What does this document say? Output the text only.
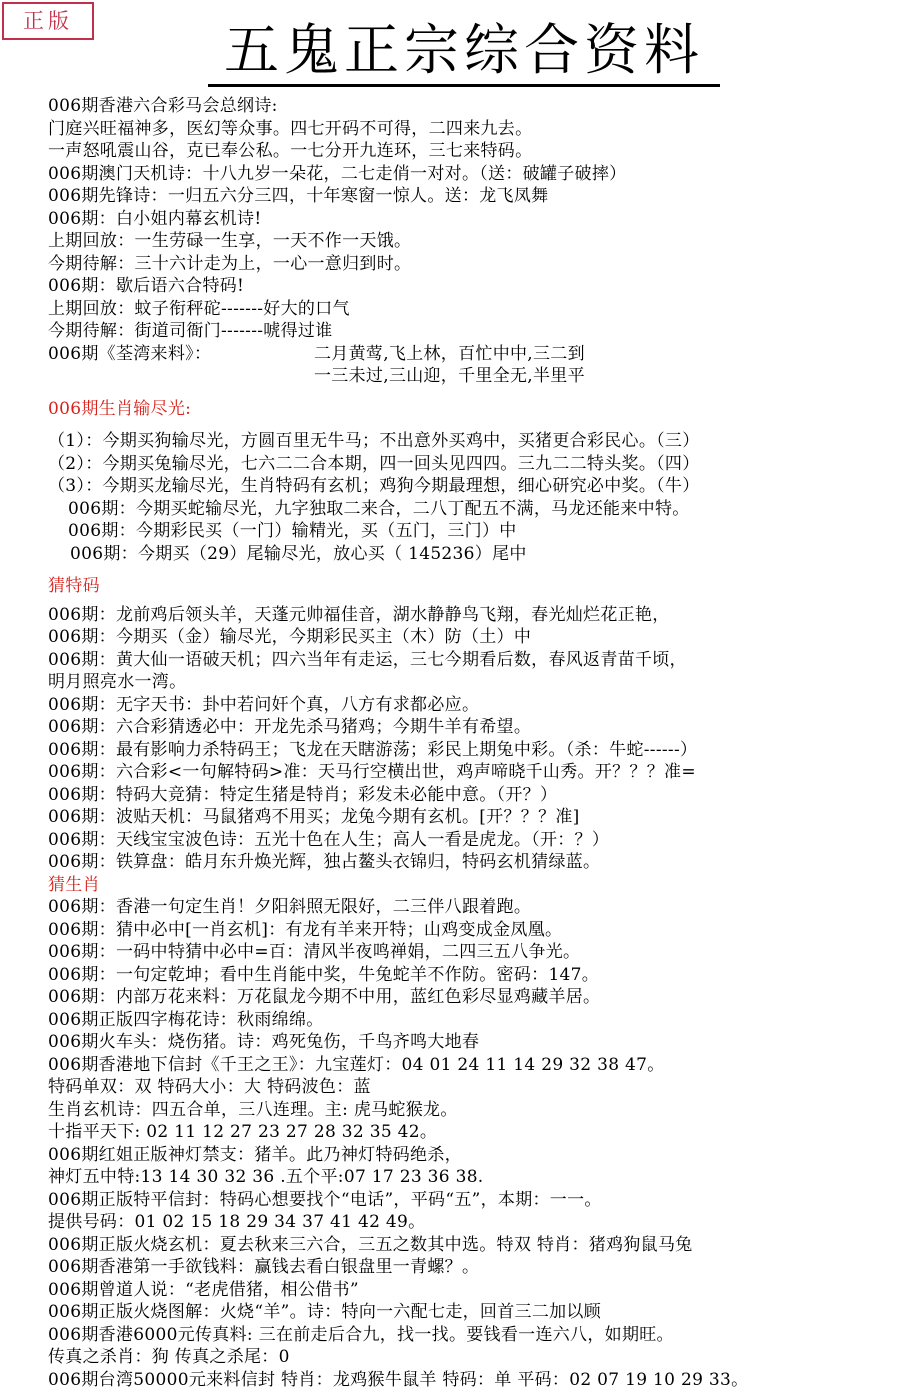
正版	五鬼正宗综合资料
006期香港六合彩马会总纲诗:
门庭兴旺福神多，医幻等众事。四七开码不可得，二四来九去。
一声怒吼震山谷，克已奉公私。一七分开九连环，三七来特码。
006期澳门天机诗：十八九岁一朵花，二七走俏一对对。（送：破罐子破摔）
006期先锋诗：一归五六分三四，十年寒窗一惊人。送：龙飞凤舞
006期：白小姐内幕玄机诗!
上期回放：一生劳碌一生享，一天不作一天饿。
今期待解：三十六计走为上，一心一意归到时。
006期：歇后语六合特码!
上期回放：蚊子衔秤砣-------好大的口气
今期待解：街道司衙门-------唬得过谁
006期《荃湾来料》：	二月黄莺,飞上林，百忙中中,三二到
一三未过,三山迎，千里全无,半里平
006期生肖输尽光:
（1）：今期买狗输尽光，方圆百里无牛马；不出意外买鸡中，买猪更合彩民心。（三）
（2）：今期买兔输尽光，七六二二合本期，四一回头见四四。三九二二特头奖。（四）
（3）：今期买龙输尽光，生肖特码有玄机；鸡狗今期最理想，细心研究必中奖。（牛）
006期：今期买蛇输尽光，九字独取二来合，二八丁配五不满，马龙还能来中特。
006期：今期彩民买（一门）输精光，买（五门，三门）中
006期：今期买（29）尾输尽光，放心买（ 145236）尾中
猜特码
006期：龙前鸡后领头羊，天蓬元帅福佳音，湖水静静鸟飞翔，春光灿烂花正艳，
006期：今期买（金）输尽光，今期彩民买主（木）防（土）中
006期：黄大仙一语破天机；四六当年有走运，三七今期看后数，春风返青苗千顷，
明月照亮水一湾。
006期：无字天书：卦中若问奸个真，八方有求都必应。
006期：六合彩猜透必中：开龙先杀马猪鸡；今期牛羊有希望。
006期：最有影响力杀特码王；飞龙在天瞎游荡；彩民上期兔中彩。（杀：牛蛇------）
006期：六合彩<一句解特码>准：天马行空横出世，鸡声啼晓千山秀。开？？？准=
006期：特码大竞猜：特定生猪是特肖；彩发未必能中意。（开？）
006期：波贴天机：马鼠猪鸡不用买；龙兔今期有玄机。[开？？？准]
006期：天线宝宝波色诗：五光十色在人生；高人一看是虎龙。（开：？）
006期：铁算盘：皓月东升焕光辉，独占鳌头衣锦归，特码玄机猜绿蓝。
猜生肖
006期：香港一句定生肖！夕阳斜照无限好，二三伴八跟着跑。
006期：猜中必中[一肖玄机]：有龙有羊来开特；山鸡变成金凤凰。
006期：一码中特猜中必中=百：清风半夜鸣禅娟，二四三五八争光。
006期：一句定乾坤；看中生肖能中奖，牛兔蛇羊不作防。密码：147。
006期：内部万花来料：万花鼠龙今期不中用，蓝红色彩尽显鸡藏羊居。
006期正版四字梅花诗：秋雨绵绵。
006期火车头：烧伤猪。诗：鸡死兔伤，千鸟齐鸣大地春
006期香港地下信封《千王之王》：九宝莲灯：04 01 24 11 14 29 32 38 47。
特码单双：双 特码大小：大 特码波色：蓝
生肖玄机诗：四五合单，三八连理。主: 虎马蛇猴龙。
十指平天下: 02 11 12 27 23 27 28 32 35 42。
006期红姐正版神灯禁支：猪羊。此乃神灯特码绝杀，
神灯五中特:13 14 30 32 36 .五个平:07 17 23 36 38.
006期正版特平信封：特码心想要找个“电话”，平码“五”，本期：一一。
提供号码：01 02 15 18 29 34 37 41 42 49。
006期正版火烧玄机：夏去秋来三六合，三五之数其中选。特双 特肖：猪鸡狗鼠马兔
006期香港第一手欲钱料：赢钱去看白银盘里一青螺？。
006期曾道人说：“老虎借猪，相公借书”
006期正版火烧图解：火烧“羊”。诗：特向一六配七走，回首三二加以顾
006期香港6000元传真料: 三在前走后合九，找一找。要钱看一连六八，如期旺。
传真之杀肖：狗 传真之杀尾：0
006期台湾50000元来料信封 特肖：龙鸡猴牛鼠羊 特码：单 平码：02 07 19 10 29 33。
